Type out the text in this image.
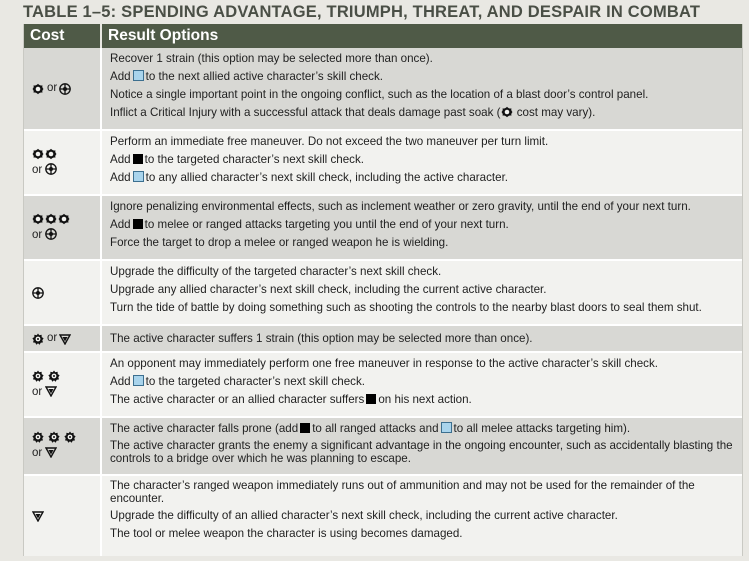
TABLE 1–5: SPENDING ADVANTAGE, TRIUMPH, THREAT, AND DESPAIR IN COMBAT
Cost	Result Options
or
Recover 1 strain (this option may be selected more than once).
Add to the next allied active character’s skill check.
Notice a single important point in the ongoing conflict, such as the location of a blast door’s control panel.
Inflict a Critical Injury with a successful attack that deals damage past soak ( cost may vary).
or
Perform an immediate free maneuver. Do not exceed the two maneuver per turn limit.
Add to the targeted character’s next skill check.
Add to any allied character’s next skill check, including the active character.
or
Ignore penalizing environmental effects, such as inclement weather or zero gravity, until the end of your next turn.
Add to melee or ranged attacks targeting you until the end of your next turn.
Force the target to drop a melee or ranged weapon he is wielding.
Upgrade the difficulty of the targeted character’s next skill check.
Upgrade any allied character’s next skill check, including the current active character.
Turn the tide of battle by doing something such as shooting the controls to the nearby blast doors to seal them shut.
or	The active character suffers 1 strain (this option may be selected more than once).

or
An opponent may immediately perform one free maneuver in response to the active character’s skill check.
Add to the targeted character’s next skill check.
The active character or an allied character suffers on his next action.

or
The active character falls prone (add to all ranged attacks and to all melee attacks targeting him).
The active character grants the enemy a significant advantage in the ongoing encounter, such as accidentally blasting the controls to a bridge over which he was planning to escape.
The character’s ranged weapon immediately runs out of ammunition and may not be used for the remainder of the encounter.
Upgrade the difficulty of an allied character’s next skill check, including the current active character.
The tool or melee weapon the character is using becomes damaged.
